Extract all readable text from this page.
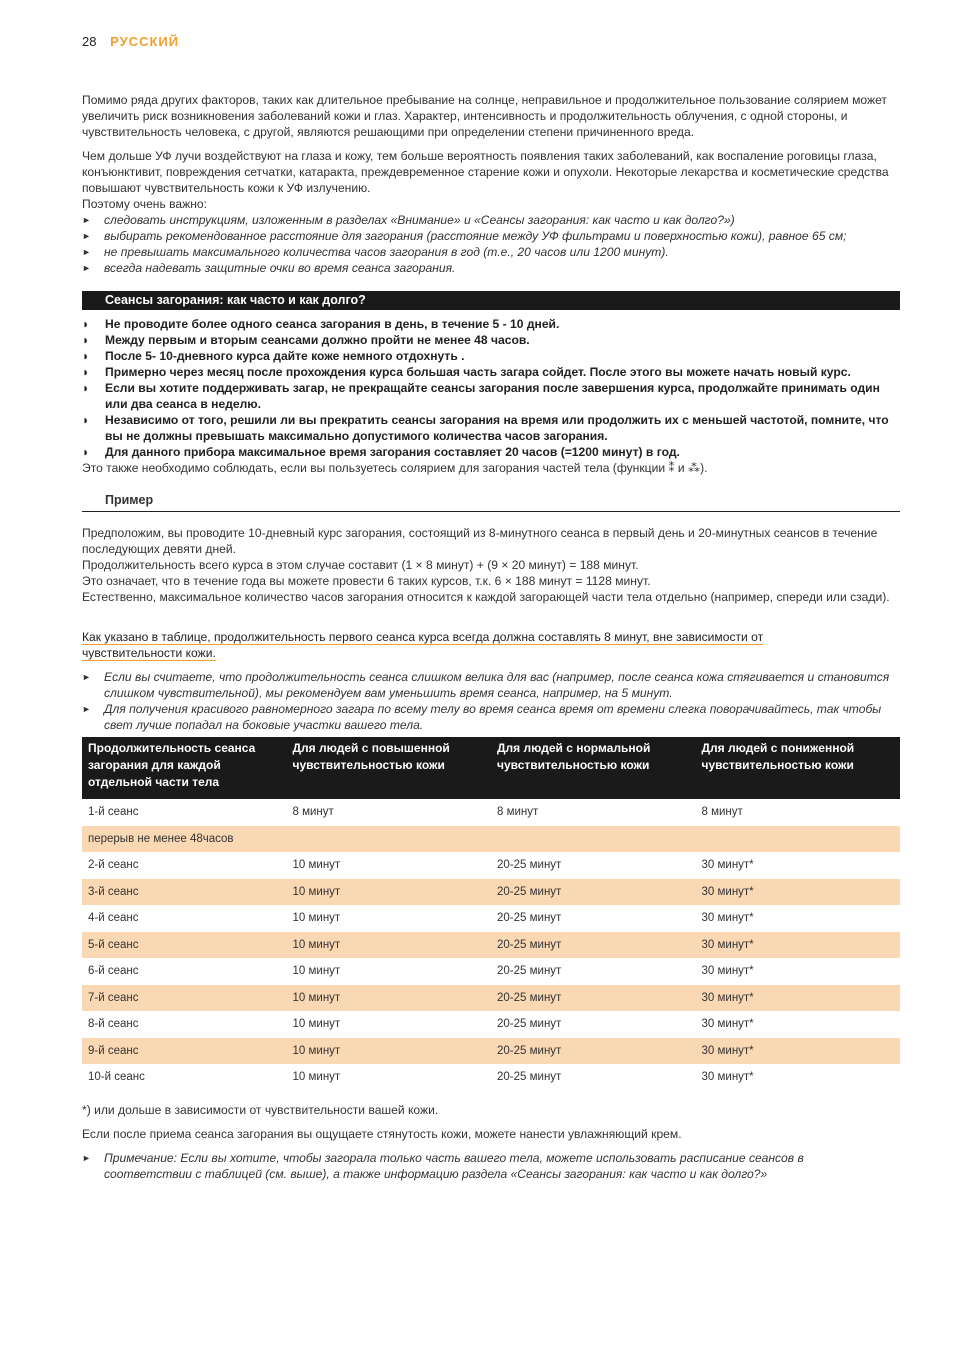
28 РУССКИЙ
Помимо ряда других факторов, таких как длительное пребывание на солнце, неправильное и продолжительное пользование солярием может увеличить риск возникновения заболеваний кожи и глаз. Характер, интенсивность и продолжительность облучения, с одной стороны, и чувствительность человека, с другой, являются решающими при определении степени причиненного вреда.
Чем дольше УФ лучи воздействуют на глаза и кожу, тем больше вероятность появления таких заболеваний, как воспаление роговицы глаза, конъюнктивит, повреждения сетчатки, катаракта, преждевременное старение кожи и опухоли. Некоторые лекарства и косметические средства повышают чувствительность кожи к УФ излучению.
Поэтому очень важно:
►	следовать инструкциям, изложенным в разделах «Внимание» и «Сеансы загорания: как часто и как долго?»)
►	выбирать рекомендованное расстояние для загорания (расстояние между УФ фильтрами и поверхностью кожи), равное 65 см;
►	не превышать максимального количества часов загорания в год (т.е., 20 часов или 1200 минут).
►	всегда надевать защитные очки во время сеанса загорания.
Сеансы загорания: как часто и как долго?
◗	Не проводите более одного сеанса загорания в день, в течение 5 - 10 дней.
◗	Между первым и вторым сеансами должно пройти не менее 48 часов.
◗	После 5- 10-дневного курса дайте коже немного отдохнуть .
◗	Примерно через месяц после прохождения курса большая часть загара сойдет. После этого вы можете начать новый курс.
◗	Если вы хотите поддерживать загар, не прекращайте сеансы загорания после завершения курса, продолжайте принимать один или два сеанса в неделю.
◗	Независимо от того, решили ли вы прекратить сеансы загорания на время или продолжить их с меньшей частотой, помните, что вы не должны превышать максимально допустимого количества часов загорания.
◗	Для данного прибора максимальное время загорания составляет 20 часов (=1200 минут) в год.
Это также необходимо соблюдать, если вы пользуетесь солярием для загорания частей тела (функции ⁑ и ⁂).
Пример
Предположим, вы проводите 10-дневный курс загорания, состоящий из 8-минутного сеанса в первый день и 20-минутных сеансов в течение последующих девяти дней.
Продолжительность всего курса в этом случае составит (1 × 8 минут) + (9 × 20 минут) = 188 минут.
Это означает, что в течение года вы можете провести 6 таких курсов, т.к. 6 × 188 минут = 1128 минут.
Естественно, максимальное количество часов загорания относится к каждой загорающей части тела отдельно (например, спереди или сзади).
Как указано в таблице, продолжительность первого сеанса курса всегда должна составлять 8 минут, вне зависимости от
чувствительности кожи.
►	Если вы считаете, что продолжительность сеанса слишком велика для вас (например, после сеанса кожа стягивается и становится слишком чувствительной), мы рекомендуем вам уменьшить время сеанса, например, на 5 минут.
►	Для получения красивого равномерного загара по всему телу во время сеанса время от времени слегка поворачивайтесь, так чтобы свет лучше попадал на боковые участки вашего тела.
Продолжительность сеанса загорания для каждой отдельной части тела	Для людей с повышенной чувствительностью кожи	Для людей с нормальной чувствительностью кожи	Для людей с пониженной чувствительностью кожи
1-й сеанс	8 минут	8 минут	8 минут
перерыв не менее 48часов			
2-й сеанс	10 минут	20-25 минут	30 минут*
3-й сеанс	10 минут	20-25 минут	30 минут*
4-й сеанс	10 минут	20-25 минут	30 минут*
5-й сеанс	10 минут	20-25 минут	30 минут*
6-й сеанс	10 минут	20-25 минут	30 минут*
7-й сеанс	10 минут	20-25 минут	30 минут*
8-й сеанс	10 минут	20-25 минут	30 минут*
9-й сеанс	10 минут	20-25 минут	30 минут*
10-й сеанс	10 минут	20-25 минут	30 минут*
*) или дольше в зависимости от чувствительности вашей кожи.
Если после приема сеанса загорания вы ощущаете стянутость кожи, можете нанести увлажняющий крем.
►	Примечание: Если вы хотите, чтобы загорала только часть вашего тела, можете использовать расписание сеансов в соответствии с таблицей (см. выше), а также информацию раздела «Сеансы загорания: как часто и как долго?»
